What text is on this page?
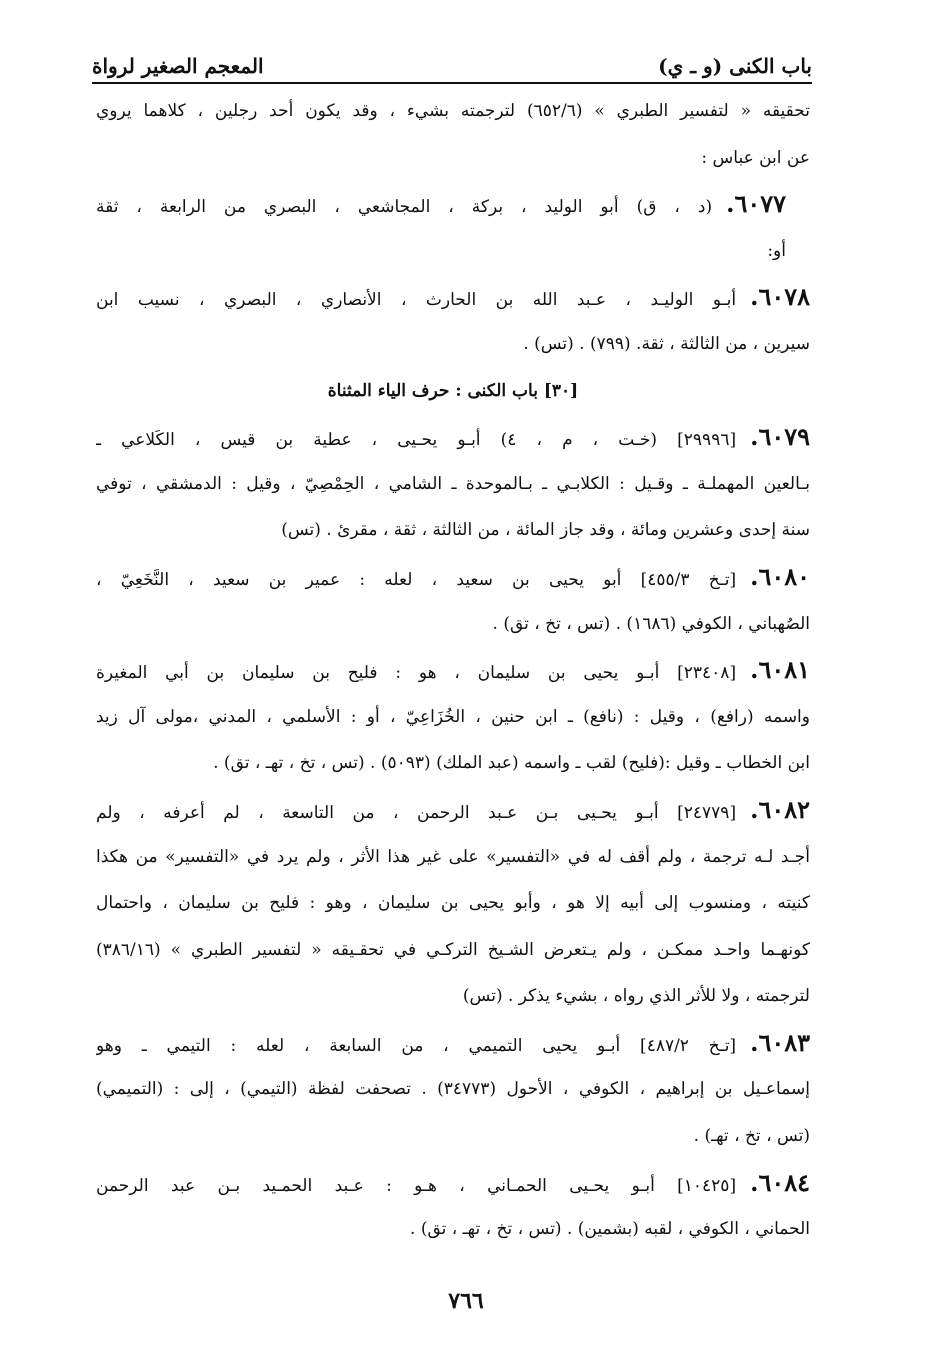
باب الكنى (و ـ ي)
المعجم الصغير لرواة
تحقيقه « لتفسير الطبري » (٦٥٢/٦) لترجمته بشيء ، وقد يكون أحد رجلين ، كلاهما يروي
عن ابن عباس :
٦٠٧٧.(د ، ق) أبو الوليد ، بركة ، المجاشعي ، البصري من الرابعة ، ثقة
أو:
٦٠٧٨.أبـو الوليـد ، عـبد الله بن الحارث ، الأنصاري ، البصري ، نسيب ابن
سيرين ، من الثالثة ، ثقة. (٧٩٩) . (تس) .
[٣٠] باب الكنى : حرف الياء المثناة
٦٠٧٩.[٢٩٩٩٦] (خـت ، م ، ٤) أبـو يحـيى ، عطية بن قيس ، الكَلاعي ـ
بـالعين المهملـة ـ وقـيل : الكلابـي ـ بـالموحدة ـ الشامي ، الحِمْصِيّ ، وقيل : الدمشقي ، توفي
سنة إحدى وعشرين ومائة ، وقد جاز المائة ، من الثالثة ، ثقة ، مقرئ . (تس)
٦٠٨٠.[تـخ ٤٥٥/٣] أبو يحيى بن سعيد ، لعله : عمير بن سعيد ، النَّخَعِيّ ،
الصُهباني ، الكوفي (١٦٨٦) . (تس ، تخ ، تق) .
٦٠٨١.[٢٣٤٠٨] أبـو يحيى بن سليمان ، هو : فليح بن سليمان بن أبي المغيرة
واسمه (رافع) ، وقيل : (نافع) ـ ابن حنين ، الخُزَاعِيّ ، أو : الأسلمي ، المدني ،مولى آل زيد
ابن الخطاب ـ وقيل :(فليح) لقب ـ واسمه (عبد الملك) (٥٠٩٣) . (تس ، تخ ، تهـ ، تق) .
٦٠٨٢.[٢٤٧٧٩] أبـو يحـيى بـن عـبد الرحمن ، من التاسعة ، لم أعرفه ، ولم
أجـد لـه ترجمة ، ولم أقف له في «التفسير» على غير هذا الأثر ، ولم يرد في «التفسير» من هكذا
كنيته ، ومنسوب إلى أبيه إلا هو ، وأبو يحيى بن سليمان ، وهو : فليح بن سليمان ، واحتمال
كونهـما واحـد ممكـن ، ولم يـتعرض الشـيخ التركـي في تحقـيقه « لتفسير الطبري » (٣٨٦/١٦)
لترجمته ، ولا للأثر الذي رواه ، بشيء يذكر . (تس)
٦٠٨٣.[تـخ ٤٨٧/٢] أبـو يحيى التميمي ، من السابعة ، لعله : التيمي ـ وهو
إسماعـيل بن إبراهيم ، الكوفي ، الأحول (٣٤٧٧٣) . تصحفت لفظة (التيمي) ، إلى : (التميمي)
(تس ، تخ ، تهـ) .
٦٠٨٤.[١٠٤٢٥] أبـو يحـيى الحمـاني ، هـو : عـبد الحمـيد بـن عبد الرحمن
الحماني ، الكوفي ، لقبه (بشمين) . (تس ، تخ ، تهـ ، تق) .
٧٦٦
